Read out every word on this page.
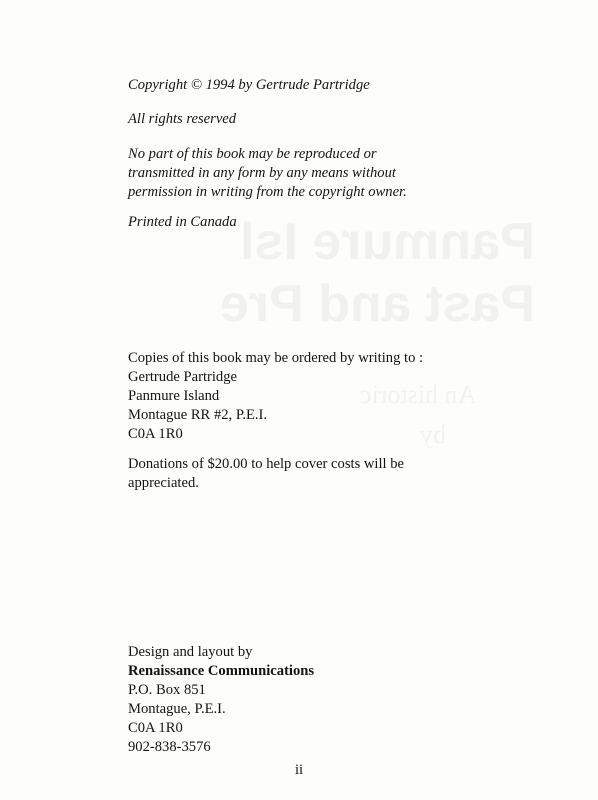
Copyright © 1994 by Gertrude Partridge
All rights reserved
No part of this book may be reproduced or
transmitted in any form by any means without
permission in writing from the copyright owner.
Printed in Canada
Copies of this book may be ordered by writing to :
Gertrude Partridge
Panmure Island
Montague RR #2, P.E.I.
C0A 1R0
Donations of $20.00 to help cover costs will be
appreciated.
Design and layout by
Renaissance Communications
P.O. Box 851
Montague, P.E.I.
C0A 1R0
902-838-3576
ii
